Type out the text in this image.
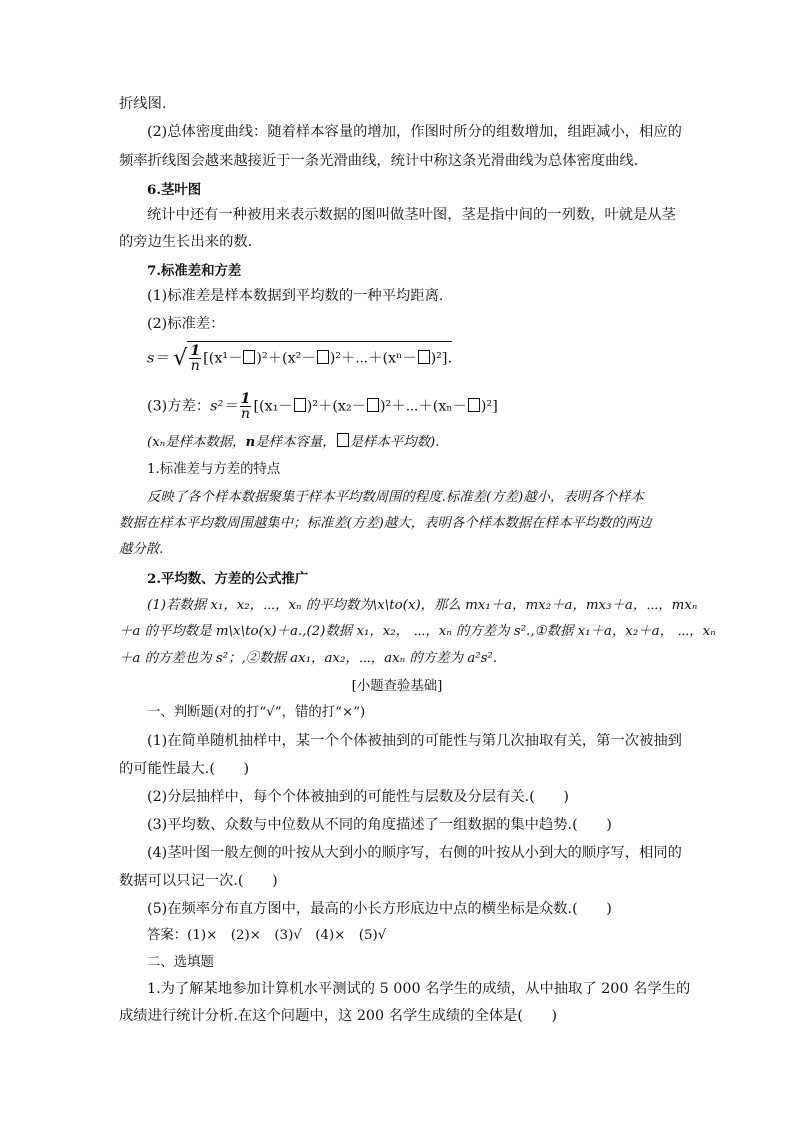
折线图.
(2)总体密度曲线：随着样本容量的增加，作图时所分的组数增加，组距减小，相应的
频率折线图会越来越接近于一条光滑曲线，统计中称这条光滑曲线为总体密度曲线.
6.茎叶图
统计中还有一种被用来表示数据的图叫做茎叶图，茎是指中间的一列数，叶就是从茎
的旁边生长出来的数.
7.标准差和方差
(1)标准差是样本数据到平均数的一种平均距离.
(2)标准差：
s＝ √ $\frac{1}{n} [(x^1- )^2+(x^2-$ )²＋⋯＋(xⁿ－ )²].
(3)方差：$s^2= \frac{1}{n} [(x_1- )^2+(x_2-$ )²＋⋯＋(xₙ－ )²]
(xₙ是样本数据，n是样本容量， 是样本平均数).
1.标准差与方差的特点
反映了各个样本数据聚集于样本平均数周围的程度.标准差(方差)越小，表明各个样本
数据在样本平均数周围越集中；标准差(方差)越大，表明各个样本数据在样本平均数的两边
越分散.
2.平均数、方差的公式推广
(1)若数据 x₁，x₂，⋯，xₙ 的平均数为\x\to(x)，那么 mx₁＋a，mx₂＋a，mx₃＋a，⋯，mxₙ
＋a 的平均数是 m\x\to(x)＋a.,(2)数据 x₁，x₂， ⋯，xₙ 的方差为 s².,①数据 x₁＋a，x₂＋a， ⋯，xₙ
＋a 的方差也为 s²；,②数据 ax₁，ax₂，⋯，axₙ 的方差为 a²s².
[小题查验基础]
一、判断题(对的打“√”，错的打“×”)
(1)在简单随机抽样中，某一个个体被抽到的可能性与第几次抽取有关，第一次被抽到
的可能性最大.(　　)
(2)分层抽样中，每个个体被抽到的可能性与层数及分层有关.(　　)
(3)平均数、众数与中位数从不同的角度描述了一组数据的集中趋势.(　　)
(4)茎叶图一般左侧的叶按从大到小的顺序写，右侧的叶按从小到大的顺序写，相同的
数据可以只记一次.(　　)
(5)在频率分布直方图中，最高的小长方形底边中点的横坐标是众数.(　　)
答案：(1)×　(2)×　(3)√　(4)×　(5)√
二、选填题
1.为了解某地参加计算机水平测试的 5 000 名学生的成绩，从中抽取了 200 名学生的
成绩进行统计分析.在这个问题中，这 200 名学生成绩的全体是(　　)
